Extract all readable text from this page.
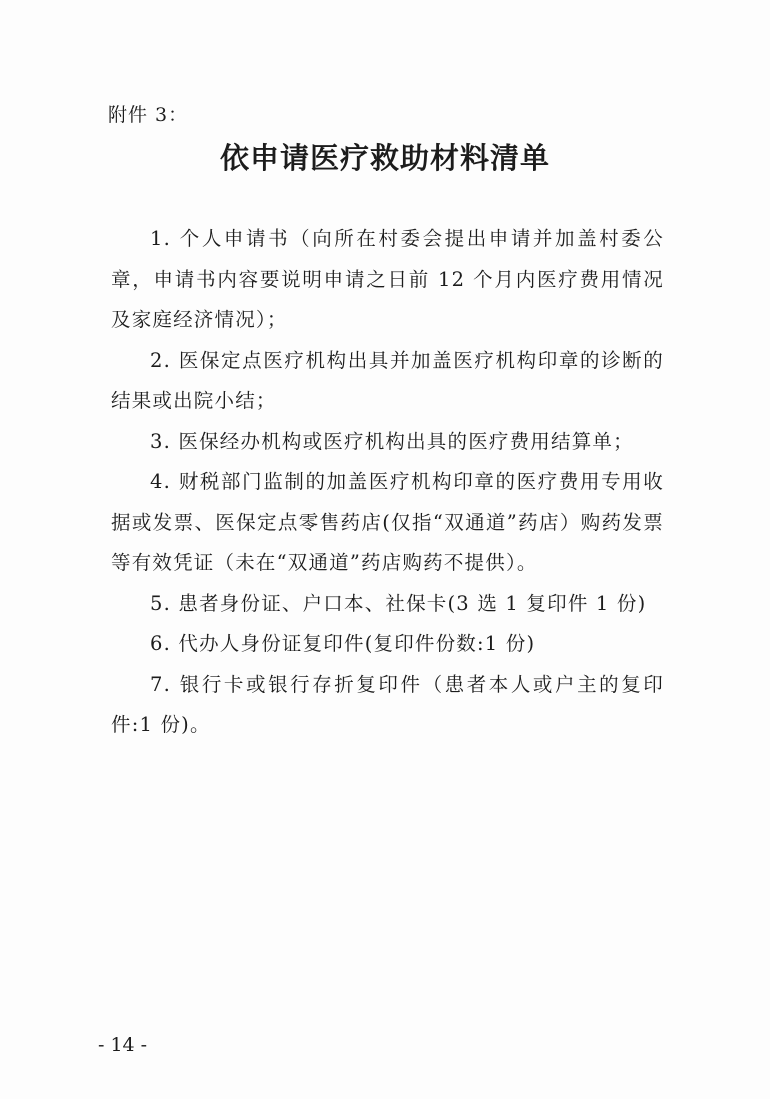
附件 3：
依申请医疗救助材料清单

1. 个人申请书（向所在村委会提出申请并加盖村委公章，申请书内容要说明申请之日前 12 个月内医疗费用情况及家庭经济情况）；

2. 医保定点医疗机构出具并加盖医疗机构印章的诊断的结果或出院小结；

3. 医保经办机构或医疗机构出具的医疗费用结算单；

4. 财税部门监制的加盖医疗机构印章的医疗费用专用收据或发票、医保定点零售药店(仅指“双通道”药店）购药发票等有效凭证（未在“双通道”药店购药不提供）。

5. 患者身份证、户口本、社保卡(3 选 1 复印件 1 份)

6. 代办人身份证复印件(复印件份数:1 份)

7. 银行卡或银行存折复印件（患者本人或户主的复印件:1 份)。

- 14 -
